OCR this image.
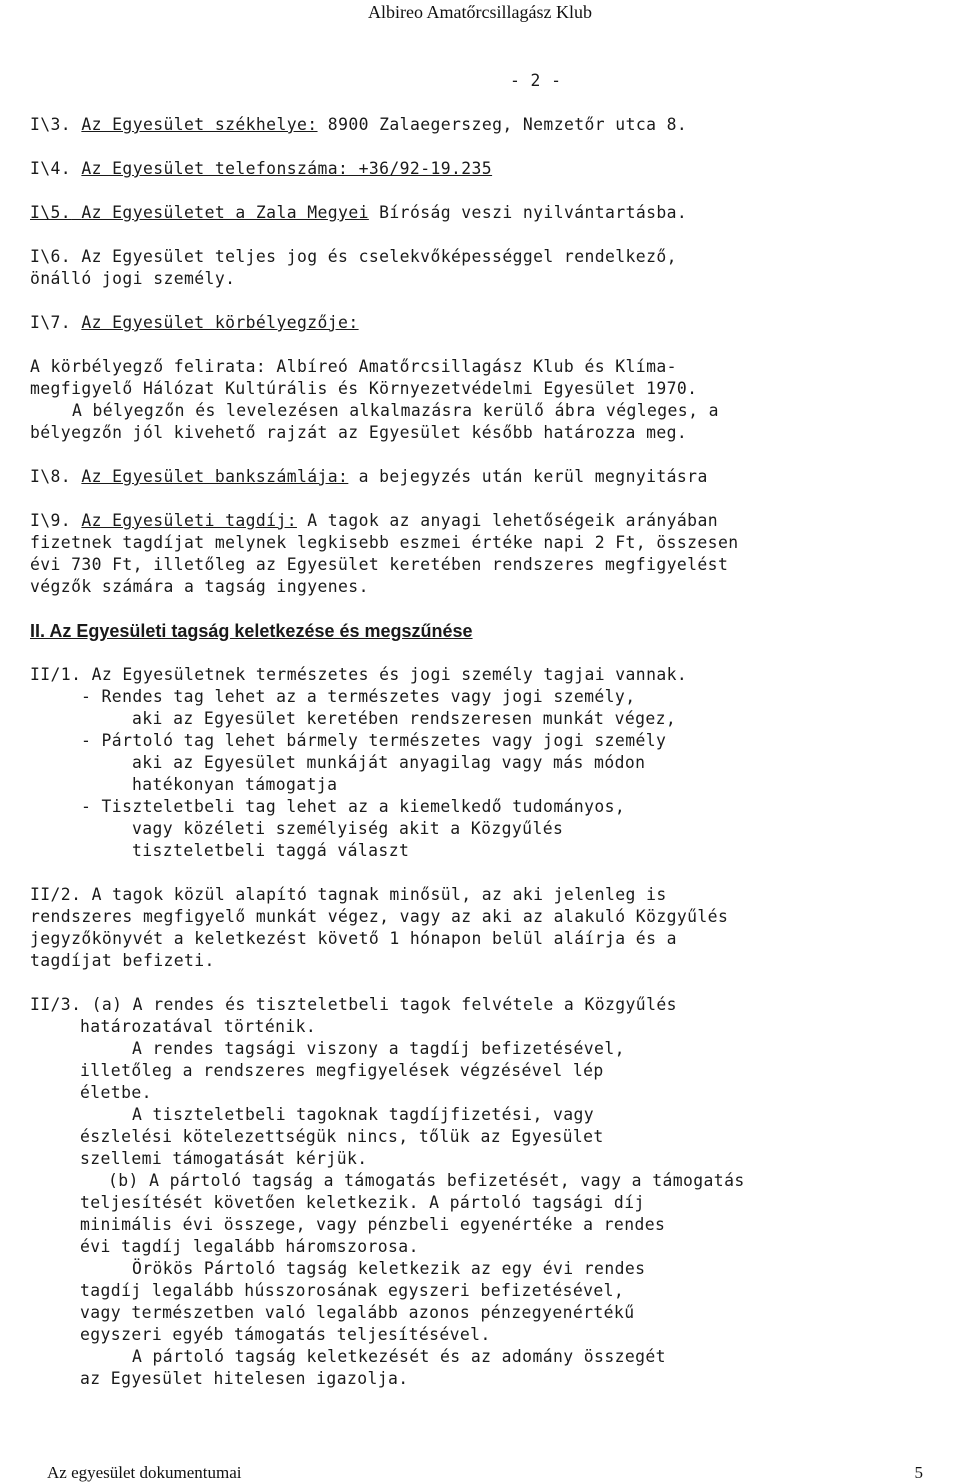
Albireo Amatőrcsillagász Klub
- 2 -
I\3. Az Egyesület székhelye: 8900 Zalaegerszeg, Nemzetőr utca 8.
I\4. Az Egyesület telefonszáma: +36/92-19.235
I\5. Az Egyesületet a Zala Megyei Bíróság veszi nyilvántartásba.
I\6. Az Egyesület teljes jog és cselekvőképességgel rendelkező,
önálló jogi személy.
I\7. Az Egyesület körbélyegzője:
A körbélyegző felirata: Albíreó Amatőrcsillagász Klub és Klíma-
megfigyelő Hálózat Kultúrális és Környezetvédelmi Egyesület 1970.
A bélyegzőn és levelezésen alkalmazásra kerülő ábra végleges, a
bélyegzőn jól kivehető rajzát az Egyesület később határozza meg.
I\8. Az Egyesület bankszámlája: a bejegyzés után kerül megnyitásra
I\9. Az Egyesületi tagdíj: A tagok az anyagi lehetőségeik arányában
fizetnek tagdíjat melynek legkisebb eszmei értéke napi 2 Ft, összesen
évi 730 Ft, illetőleg az Egyesület keretében rendszeres megfigyelést
végzők számára a tagság ingyenes.
II. Az Egyesületi tagság keletkezése és megszűnése
II/1. Az Egyesületnek természetes és jogi személy tagjai vannak.
- Rendes tag lehet az a természetes vagy jogi személy,
aki az Egyesület keretében rendszeresen munkát végez,
- Pártoló tag lehet bármely természetes vagy jogi személy
aki az Egyesület munkáját anyagilag vagy más módon
hatékonyan támogatja
- Tiszteletbeli tag lehet az a kiemelkedő tudományos,
vagy közéleti személyiség akit a Közgyűlés
tiszteletbeli taggá választ
II/2. A tagok közül alapító tagnak minősül, az aki jelenleg is
rendszeres megfigyelő munkát végez, vagy az aki az alakuló Közgyűlés
jegyzőkönyvét a keletkezést követő 1 hónapon belül aláírja és a
tagdíjat befizeti.
II/3. (a) A rendes és tiszteletbeli tagok felvétele a Közgyűlés
határozatával történik.
A rendes tagsági viszony a tagdíj befizetésével,
illetőleg a rendszeres megfigyelések végzésével lép
életbe.
A tiszteletbeli tagoknak tagdíjfizetési, vagy
észlelési kötelezettségük nincs, tőlük az Egyesület
szellemi támogatását kérjük.
(b) A pártoló tagság a támogatás befizetését, vagy a támogatás
teljesítését követően keletkezik. A pártoló tagsági díj
minimális évi összege, vagy pénzbeli egyenértéke a rendes
évi tagdíj legalább háromszorosa.
Örökös Pártoló tagság keletkezik az egy évi rendes
tagdíj legalább hússzorosának egyszeri befizetésével,
vagy természetben való legalább azonos pénzegyenértékű
egyszeri egyéb támogatás teljesítésével.
A pártoló tagság keletkezését és az adomány összegét
az Egyesület hitelesen igazolja.
Az egyesület dokumentumai	5
